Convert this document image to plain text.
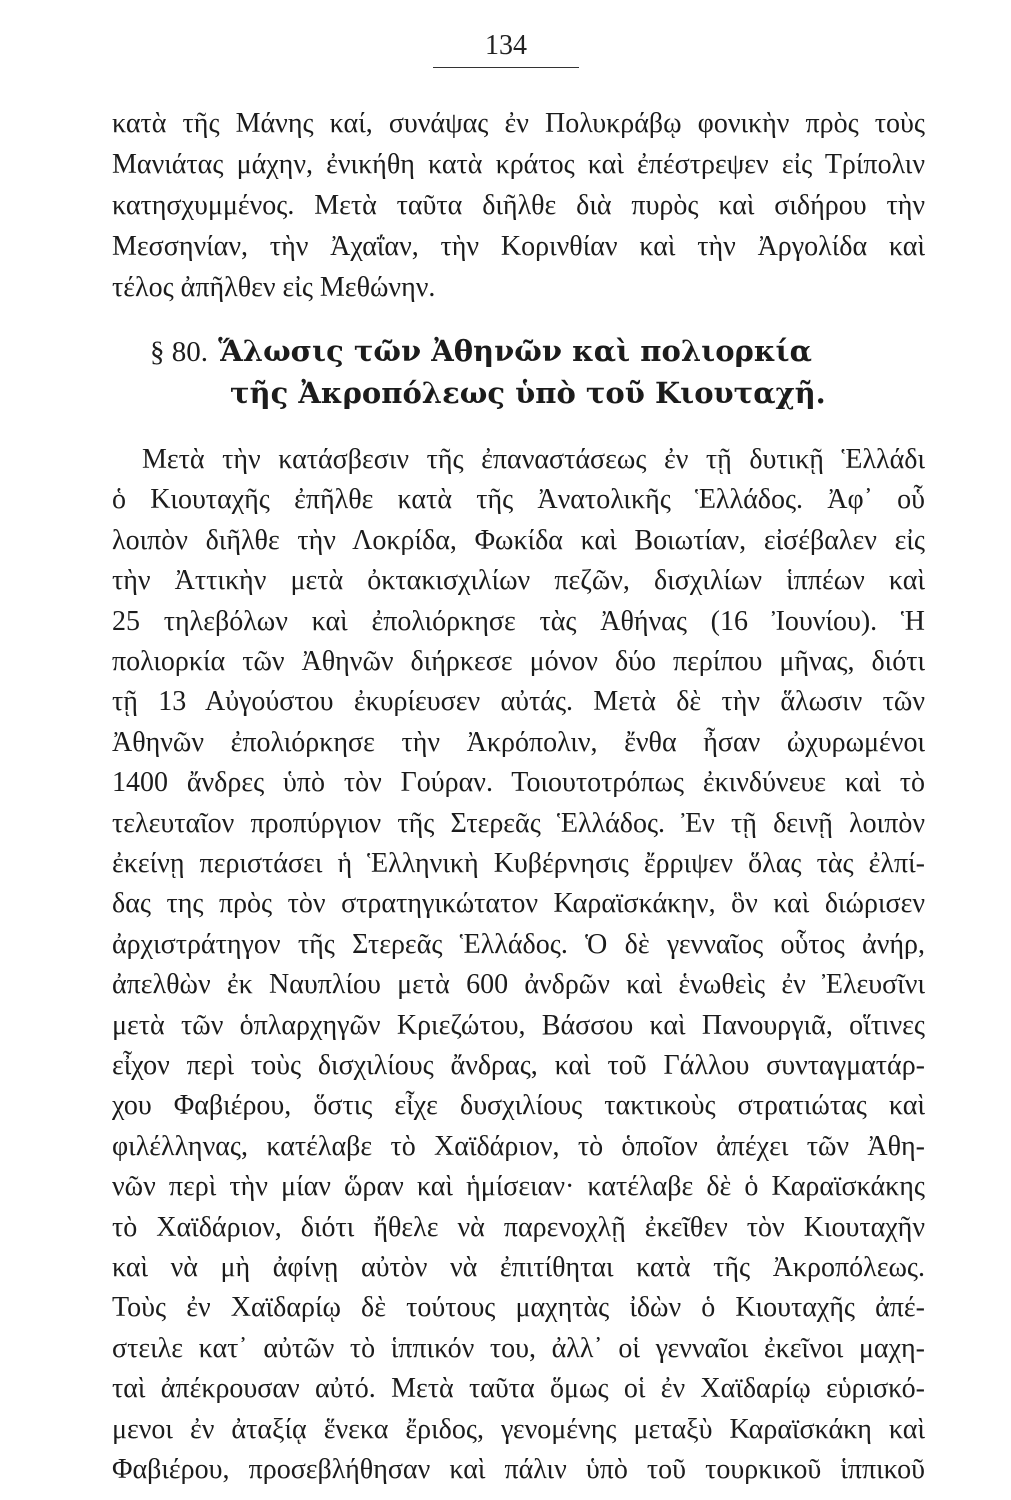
134
κατὰ τῆς Μάνης καί, συνάψας ἐν Πολυκράβῳ φονικὴν πρὸς τοὺς
Μανιάτας μάχην, ἐνικήθη κατὰ κράτος καὶ ἐπέστρεψεν εἰς Τρίπολιν
κατησχυμμένος. Μετὰ ταῦτα διῆλθε διὰ πυρὸς καὶ σιδήρου τὴν
Μεσσηνίαν, τὴν Ἀχαΐαν, τὴν Κορινθίαν καὶ τὴν Ἀργολίδα καὶ
τέλος ἀπῆλθεν εἰς Μεθώνην.
§ 80. Ἅλωσις τῶν Ἀθηνῶν καὶ πολιορκία
τῆς Ἀκροπόλεως ὑπὸ τοῦ Κιουταχῆ.
Μετὰ τὴν κατάσβεσιν τῆς ἐπαναστάσεως ἐν τῇ δυτικῇ Ἑλλάδι
ὁ Κιουταχῆς ἐπῆλθε κατὰ τῆς Ἀνατολικῆς Ἑλλάδος. Ἀφ᾽ οὗ
λοιπὸν διῆλθε τὴν Λοκρίδα, Φωκίδα καὶ Βοιωτίαν, εἰσέβαλεν εἰς
τὴν Ἀττικὴν μετὰ ὀκτακισχιλίων πεζῶν, δισχιλίων ἱππέων καὶ
25 τηλεβόλων καὶ ἐπολιόρκησε τὰς Ἀθήνας (16 Ἰουνίου). Ἡ
πολιορκία τῶν Ἀθηνῶν διήρκεσε μόνον δύο περίπου μῆνας, διότι
τῇ 13 Αὐγούστου ἐκυρίευσεν αὐτάς. Μετὰ δὲ τὴν ἅλωσιν τῶν
Ἀθηνῶν ἐπολιόρκησε τὴν Ἀκρόπολιν, ἔνθα ἦσαν ὠχυρωμένοι
1400 ἄνδρες ὑπὸ τὸν Γούραν. Τοιουτοτρόπως ἐκινδύνευε καὶ τὸ
τελευταῖον προπύργιον τῆς Στερεᾶς Ἑλλάδος. Ἐν τῇ δεινῇ λοιπὸν
ἐκείνῃ περιστάσει ἡ Ἑλληνικὴ Κυβέρνησις ἔρριψεν ὅλας τὰς ἐλπί-
δας της πρὸς τὸν στρατηγικώτατον Καραϊσκάκην, ὃν καὶ διώρισεν
ἀρχιστράτηγον τῆς Στερεᾶς Ἑλλάδος. Ὁ δὲ γενναῖος οὗτος ἀνήρ,
ἀπελθὼν ἐκ Ναυπλίου μετὰ 600 ἀνδρῶν καὶ ἑνωθεὶς ἐν Ἐλευσῖνι
μετὰ τῶν ὁπλαρχηγῶν Κριεζώτου, Βάσσου καὶ Πανουργιᾶ, οἵτινες
εἶχον περὶ τοὺς δισχιλίους ἄνδρας, καὶ τοῦ Γάλλου συνταγματάρ-
χου Φαβιέρου, ὅστις εἶχε δυσχιλίους τακτικοὺς στρατιώτας καὶ
φιλέλληνας, κατέλαβε τὸ Χαϊδάριον, τὸ ὁποῖον ἀπέχει τῶν Ἀθη-
νῶν περὶ τὴν μίαν ὥραν καὶ ἡμίσειαν· κατέλαβε δὲ ὁ Καραϊσκάκης
τὸ Χαϊδάριον, διότι ἤθελε νὰ παρενοχλῇ ἐκεῖθεν τὸν Κιουταχῆν
καὶ νὰ μὴ ἀφίνῃ αὐτὸν νὰ ἐπιτίθηται κατὰ τῆς Ἀκροπόλεως.
Τοὺς ἐν Χαϊδαρίῳ δὲ τούτους μαχητὰς ἰδὼν ὁ Κιουταχῆς ἀπέ-
στειλε κατ᾽ αὐτῶν τὸ ἱππικόν του, ἀλλ᾽ οἱ γενναῖοι ἐκεῖνοι μαχη-
ταὶ ἀπέκρουσαν αὐτό. Μετὰ ταῦτα ὅμως οἱ ἐν Χαϊδαρίῳ εὑρισκό-
μενοι ἐν ἀταξίᾳ ἕνεκα ἔριδος, γενομένης μεταξὺ Καραϊσκάκη καὶ
Φαβιέρου, προσεβλήθησαν καὶ πάλιν ὑπὸ τοῦ τουρκικοῦ ἱππικοῦ
